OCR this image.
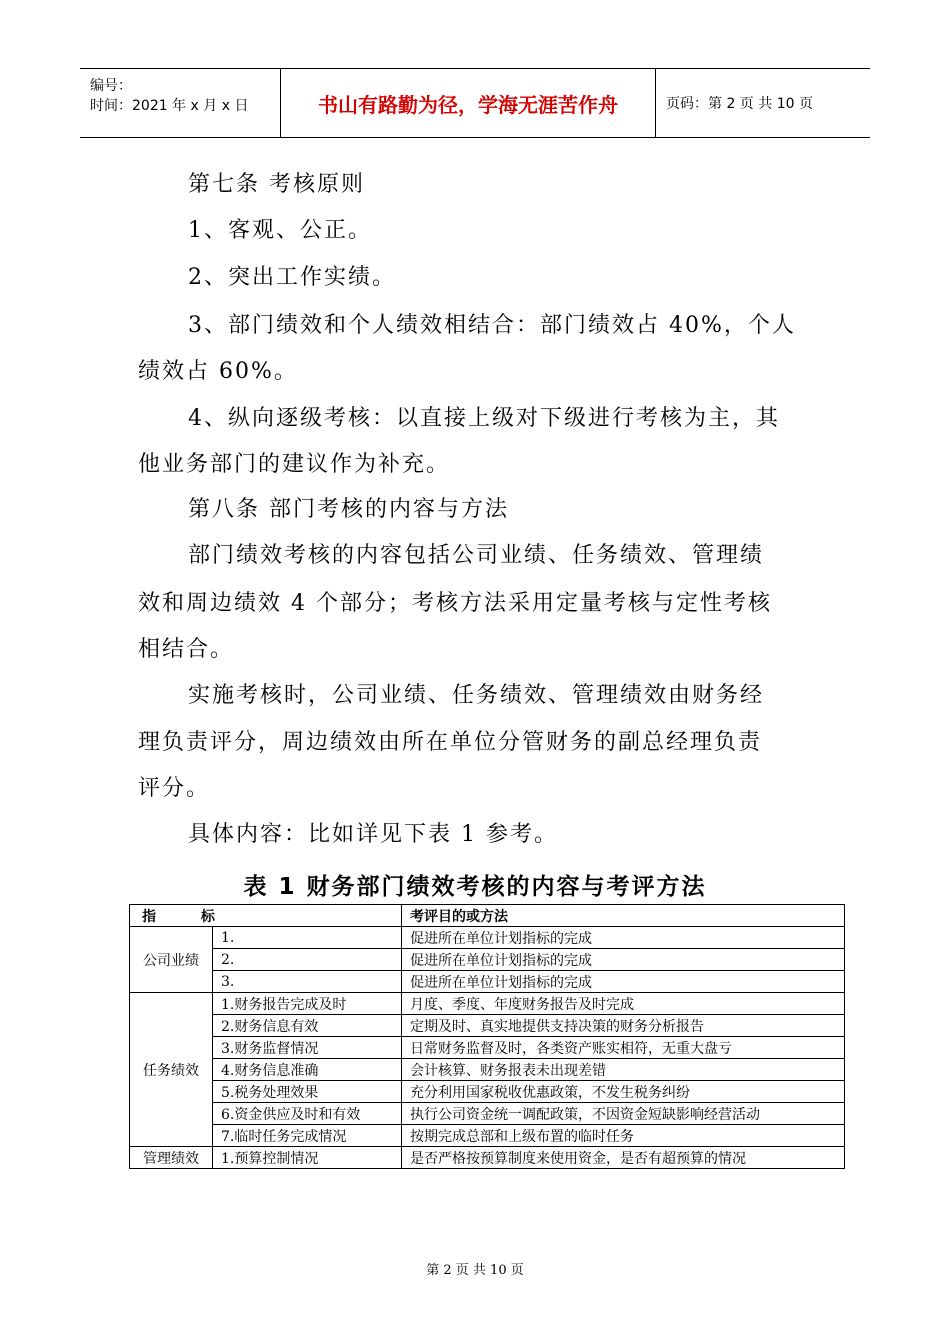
编号：
时间：2021 年 x 月 x 日	书山有路勤为径，学海无涯苦作舟	页码：第 2 页 共 10 页
第七条 考核原则
1、客观、公正。
2、突出工作实绩。
3、部门绩效和个人绩效相结合：部门绩效占 40%，个人
绩效占 60%。
4、纵向逐级考核：以直接上级对下级进行考核为主，其
他业务部门的建议作为补充。
第八条 部门考核的内容与方法
部门绩效考核的内容包括公司业绩、任务绩效、管理绩
效和周边绩效 4 个部分；考核方法采用定量考核与定性考核
相结合。
实施考核时，公司业绩、任务绩效、管理绩效由财务经
理负责评分，周边绩效由所在单位分管财务的副总经理负责
评分。
具体内容：比如详见下表 1 参考。
表 1 财务部门绩效考核的内容与考评方法
指 标		考评目的或方法
公司业绩	1.	促进所在单位计划指标的完成
	2.	促进所在单位计划指标的完成
	3.	促进所在单位计划指标的完成
任务绩效	1.财务报告完成及时	月度、季度、年度财务报告及时完成
	2.财务信息有效	定期及时、真实地提供支持决策的财务分析报告
	3.财务监督情况	日常财务监督及时，各类资产账实相符，无重大盘亏
	4.财务信息准确	会计核算、财务报表未出现差错
	5.税务处理效果	充分利用国家税收优惠政策，不发生税务纠纷
	6.资金供应及时和有效	执行公司资金统一调配政策，不因资金短缺影响经营活动
	7.临时任务完成情况	按期完成总部和上级布置的临时任务
管理绩效	1.预算控制情况	是否严格按预算制度来使用资金，是否有超预算的情况
第 2 页 共 10 页
